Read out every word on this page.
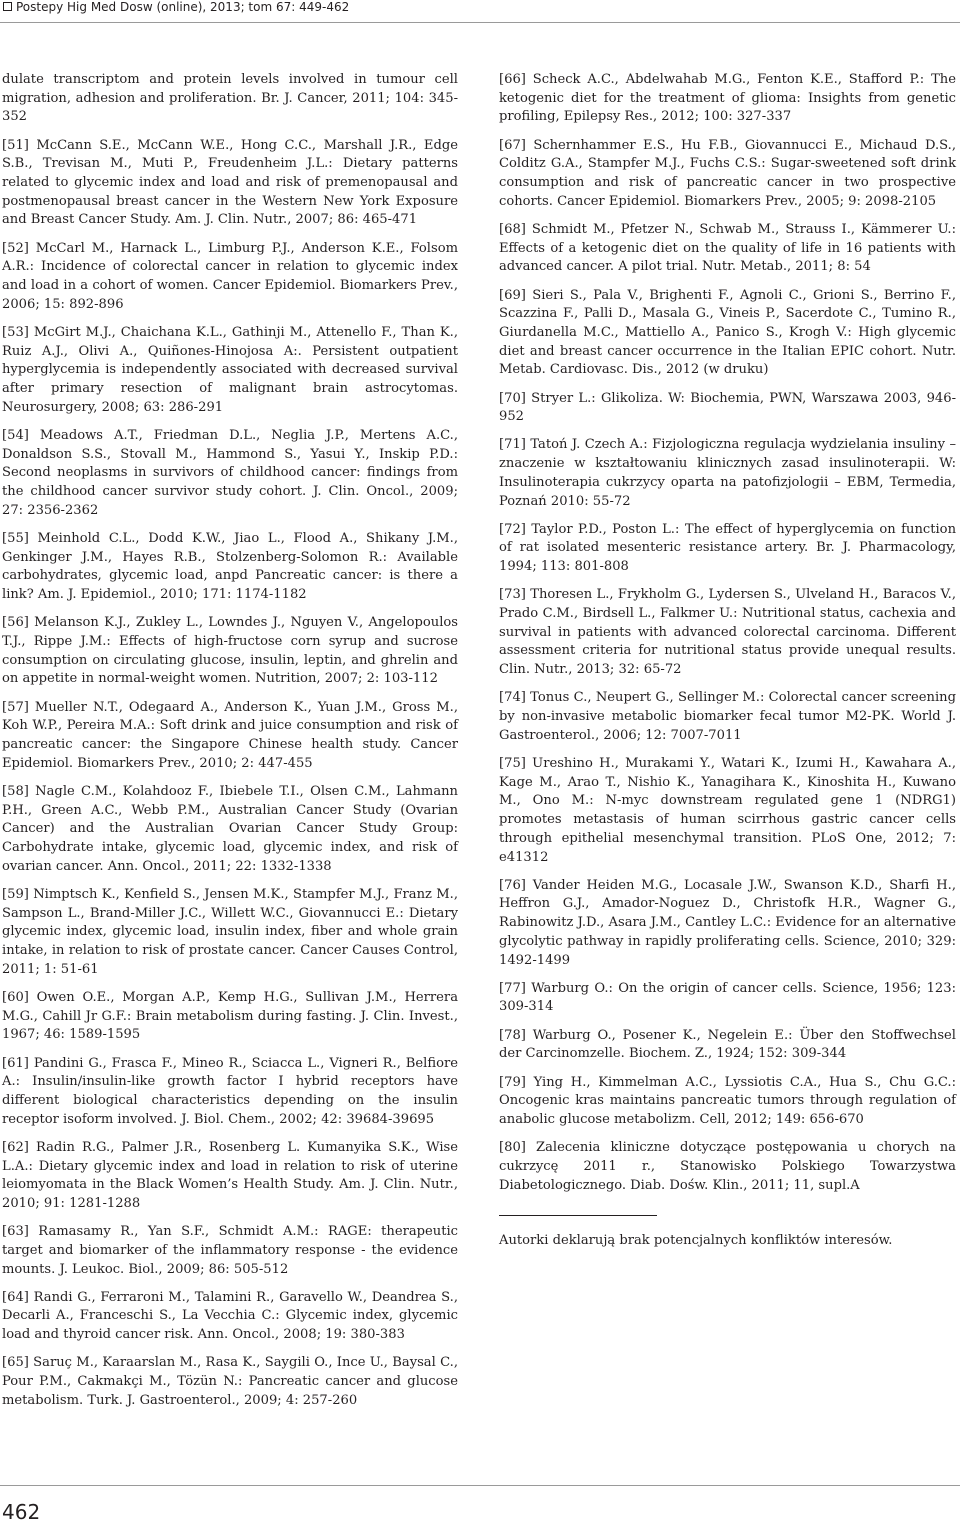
Postepy Hig Med Dosw (online), 2013; tom 67: 449-462

dulate transcriptom and protein levels involved in tumour cell migration, adhesion and proliferation. Br. J. Cancer, 2011; 104: 345-352

[51] McCann S.E., McCann W.E., Hong C.C., Marshall J.R., Edge S.B., Trevisan M., Muti P., Freudenheim J.L.: Dietary patterns related to glycemic index and load and risk of premenopausal and postmenopausal breast cancer in the Western New York Exposure and Breast Cancer Study. Am. J. Clin. Nutr., 2007; 86: 465-471

[52] McCarl M., Harnack L., Limburg P.J., Anderson K.E., Folsom A.R.: Incidence of colorectal cancer in relation to glycemic index and load in a cohort of women. Cancer Epidemiol. Biomarkers Prev., 2006; 15: 892-896

[53] McGirt M.J., Chaichana K.L., Gathinji M., Attenello F., Than K., Ruiz A.J., Olivi A., Quiñones-Hinojosa A:. Persistent outpatient hyperglycemia is independently associated with decreased survival after primary resection of malignant brain astrocytomas. Neurosurgery, 2008; 63: 286-291

[54] Meadows A.T., Friedman D.L., Neglia J.P., Mertens A.C., Donaldson S.S., Stovall M., Hammond S., Yasui Y., Inskip P.D.: Second neoplasms in survivors of childhood cancer: findings from the childhood cancer survivor study cohort. J. Clin. Oncol., 2009; 27: 2356-2362

[55] Meinhold C.L., Dodd K.W., Jiao L., Flood A., Shikany J.M., Genkinger J.M., Hayes R.B., Stolzenberg-Solomon R.: Available carbohydrates, glycemic load, anpd Pancreatic cancer: is there a link? Am. J. Epidemiol., 2010; 171: 1174-1182

[56] Melanson K.J., Zukley L., Lowndes J., Nguyen V., Angelopoulos T.J., Rippe J.M.: Effects of high-fructose corn syrup and sucrose consumption on circulating glucose, insulin, leptin, and ghrelin and on appetite in normal-weight women. Nutrition, 2007; 2: 103-112

[57] Mueller N.T., Odegaard A., Anderson K., Yuan J.M., Gross M., Koh W.P., Pereira M.A.: Soft drink and juice consumption and risk of pancreatic cancer: the Singapore Chinese health study. Cancer Epidemiol. Biomarkers Prev., 2010; 2: 447-455

[58] Nagle C.M., Kolahdooz F., Ibiebele T.I., Olsen C.M., Lahmann P.H., Green A.C., Webb P.M., Australian Cancer Study (Ovarian Cancer) and the Australian Ovarian Cancer Study Group: Carbohydrate intake, glycemic load, glycemic index, and risk of ovarian cancer. Ann. Oncol., 2011; 22: 1332-1338

[59] Nimptsch K., Kenfield S., Jensen M.K., Stampfer M.J., Franz M., Sampson L., Brand-Miller J.C., Willett W.C., Giovannucci E.: Dietary glycemic index, glycemic load, insulin index, fiber and whole grain intake, in relation to risk of prostate cancer. Cancer Causes Control, 2011; 1: 51-61

[60] Owen O.E., Morgan A.P., Kemp H.G., Sullivan J.M., Herrera M.G., Cahill Jr G.F.: Brain metabolism during fasting. J. Clin. Invest., 1967; 46: 1589-1595

[61] Pandini G., Frasca F., Mineo R., Sciacca L., Vigneri R., Belfiore A.: Insulin/insulin-like growth factor I hybrid receptors have different biological characteristics depending on the insulin receptor isoform involved. J. Biol. Chem., 2002; 42: 39684-39695

[62] Radin R.G., Palmer J.R., Rosenberg L. Kumanyika S.K., Wise L.A.: Dietary glycemic index and load in relation to risk of uterine leiomyomata in the Black Women’s Health Study. Am. J. Clin. Nutr., 2010; 91: 1281-1288

[63] Ramasamy R., Yan S.F., Schmidt A.M.: RAGE: therapeutic target and biomarker of the inflammatory response - the evidence mounts. J. Leukoc. Biol., 2009; 86: 505-512

[64] Randi G., Ferraroni M., Talamini R., Garavello W., Deandrea S., Decarli A., Franceschi S., La Vecchia C.: Glycemic index, glycemic load and thyroid cancer risk. Ann. Oncol., 2008; 19: 380-383

[65] Saruç M., Karaarslan M., Rasa K., Saygili O., Ince U., Baysal C., Pour P.M., Cakmakçi M., Tözün N.: Pancreatic cancer and glucose metabolism. Turk. J. Gastroenterol., 2009; 4: 257-260

[66] Scheck A.C., Abdelwahab M.G., Fenton K.E., Stafford P.: The ketogenic diet for the treatment of glioma: Insights from genetic profiling, Epilepsy Res., 2012; 100: 327-337

[67] Schernhammer E.S., Hu F.B., Giovannucci E., Michaud D.S., Colditz G.A., Stampfer M.J., Fuchs C.S.: Sugar-sweetened soft drink consumption and risk of pancreatic cancer in two prospective cohorts. Cancer Epidemiol. Biomarkers Prev., 2005; 9: 2098-2105

[68] Schmidt M., Pfetzer N., Schwab M., Strauss I., Kämmerer U.: Effects of a ketogenic diet on the quality of life in 16 patients with advanced cancer. A pilot trial. Nutr. Metab., 2011; 8: 54

[69] Sieri S., Pala V., Brighenti F., Agnoli C., Grioni S., Berrino F., Scazzina F., Palli D., Masala G., Vineis P., Sacerdote C., Tumino R., Giurdanella M.C., Mattiello A., Panico S., Krogh V.: High glycemic diet and breast cancer occurrence in the Italian EPIC cohort. Nutr. Metab. Cardiovasc. Dis., 2012 (w druku)

[70] Stryer L.: Glikoliza. W: Biochemia, PWN, Warszawa 2003, 946-952

[71] Tatoń J. Czech A.: Fizjologiczna regulacja wydzielania insuliny – znaczenie w kształtowaniu klinicznych zasad insulinoterapii. W: Insulinoterapia cukrzycy oparta na patofizjologii – EBM, Termedia, Poznań 2010: 55-72

[72] Taylor P.D., Poston L.: The effect of hyperglycemia on function of rat isolated mesenteric resistance artery. Br. J. Pharmacology, 1994; 113: 801-808

[73] Thoresen L., Frykholm G., Lydersen S., Ulveland H., Baracos V., Prado C.M., Birdsell L., Falkmer U.: Nutritional status, cachexia and survival in patients with advanced colorectal carcinoma. Different assessment criteria for nutritional status provide unequal results. Clin. Nutr., 2013; 32: 65-72

[74] Tonus C., Neupert G., Sellinger M.: Colorectal cancer screening by non-invasive metabolic biomarker fecal tumor M2-PK. World J. Gastroenterol., 2006; 12: 7007-7011

[75] Ureshino H., Murakami Y., Watari K., Izumi H., Kawahara A., Kage M., Arao T., Nishio K., Yanagihara K., Kinoshita H., Kuwano M., Ono M.: N-myc downstream regulated gene 1 (NDRG1) promotes metastasis of human scirrhous gastric cancer cells through epithelial mesenchymal transition. PLoS One, 2012; 7: e41312

[76] Vander Heiden M.G., Locasale J.W., Swanson K.D., Sharfi H., Heffron G.J., Amador-Noguez D., Christofk H.R., Wagner G., Rabinowitz J.D., Asara J.M., Cantley L.C.: Evidence for an alternative glycolytic pathway in rapidly proliferating cells. Science, 2010; 329: 1492-1499

[77] Warburg O.: On the origin of cancer cells. Science, 1956; 123: 309-314

[78] Warburg O., Posener K., Negelein E.: Über den Stoffwechsel der Carcinomzelle. Biochem. Z., 1924; 152: 309-344

[79] Ying H., Kimmelman A.C., Lyssiotis C.A., Hua S., Chu G.C.: Oncogenic kras maintains pancreatic tumors through regulation of anabolic glucose metabolizm. Cell, 2012; 149: 656-670

[80] Zalecenia kliniczne dotyczące postępowania u chorych na cukrzycę 2011 r., Stanowisko Polskiego Towarzystwa Diabetologicznego. Diab. Dośw. Klin., 2011; 11, supl.A

Autorki deklarują brak potencjalnych konfliktów interesów.

462
